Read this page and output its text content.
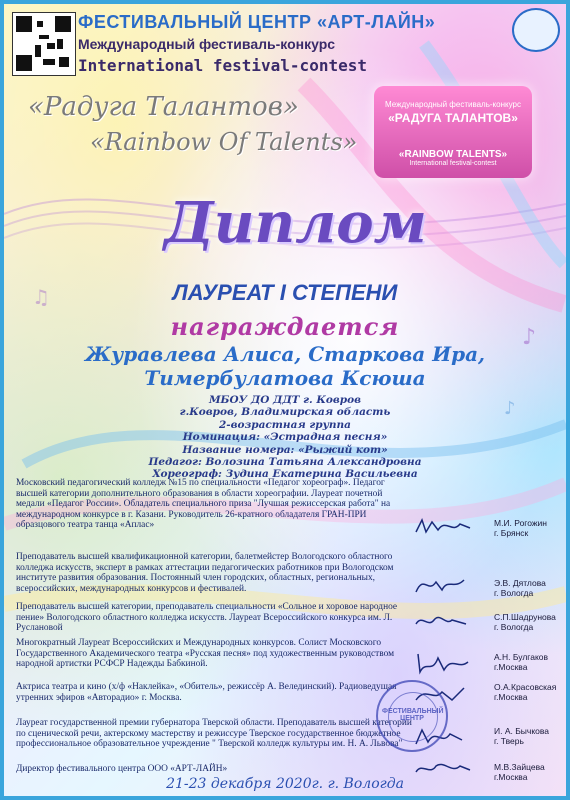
♪
♫
♪
ФЕСТИВАЛЬНЫЙ ЦЕНТР «АРТ-ЛАЙН»
Международный фестиваль-конкурс
International festival-contest
«Радуга Талантов»
«Rainbow Of Talents»
Международный фестиваль-конкурс
«РАДУГА ТАЛАНТОВ»
«RAINBOW TALENTS»
International festival-contest
Диплом
ЛАУРЕАТ I СТЕПЕНИ
награждается
Журавлева Алиса, Старкова Ира,
Тимербулатова Ксюша
МБОУ ДО ДДТ г. Ковров
г.Ковров, Владимирская область
2-возрастная группа
Номинация: «Эстрадная песня»
Название номера: «Рыжий кот»
Педагог: Волозина Татьяна Александровна
Хореограф: Зудина Екатерина Васильевна
Московский педагогический колледж №15 по специальности «Педагог хореограф». Педагог высшей категории дополнительного образования в области хореографии. Лауреат почетной медали «Педагог России». Обладатель специального приза "Лучшая режиссерская работа" на международном конкурсе в г. Казани. Руководитель 26-кратного обладателя ГРАН-ПРИ образцового театра танца «Аплас»	М.И. Рогожин
г. Брянск
Преподаватель высшей квалификационной категории, балетмейстер Вологодского областного колледжа искусств, эксперт в рамках аттестации педагогических работников при Вологодском институте развития образования. Постоянный член городских, областных, региональных, всероссийских, международных конкурсов и фестивалей.
Э.В. Дятлова
г. Вологда
Преподаватель высшей категории, преподаватель специальности «Сольное и хоровое народное пение» Вологодского областного колледжа искусств. Лауреат Всероссийского конкурса им. Л. Руслановой
С.П.Шадрунова
г. Вологда
Многократный Лауреат Всероссийских и Международных конкурсов. Солист Московского Государственного Академического театра «Русская песня» под художественным руководством народной артистки РСФСР Надежды Бабкиной.
А.Н. Булгаков
г.Москва
Актриса театра и кино (х/ф «Наклейка», «Обитель», режиссёр А. Велединский). Радиоведущая утренних эфиров «Авторадио» г. Москва.
О.А.Красовская
г.Москва
Лауреат государственной премии губернатора Тверской области. Преподаватель высшей категории по сценической речи, актерскому мастерству и режиссуре Тверское государственное бюджетное профессиональное образовательное учреждение " Тверской колледж культуры им. Н. А. Львова"
И. А. Бычкова
г. Тверь
Директор фестивального центра ООО «АРТ-ЛАЙН»	М.В.Зайцева
г.Москва
ФЕСТИВАЛЬНЫЙ ЦЕНТР
21-23 декабря 2020г. г. Вологда
